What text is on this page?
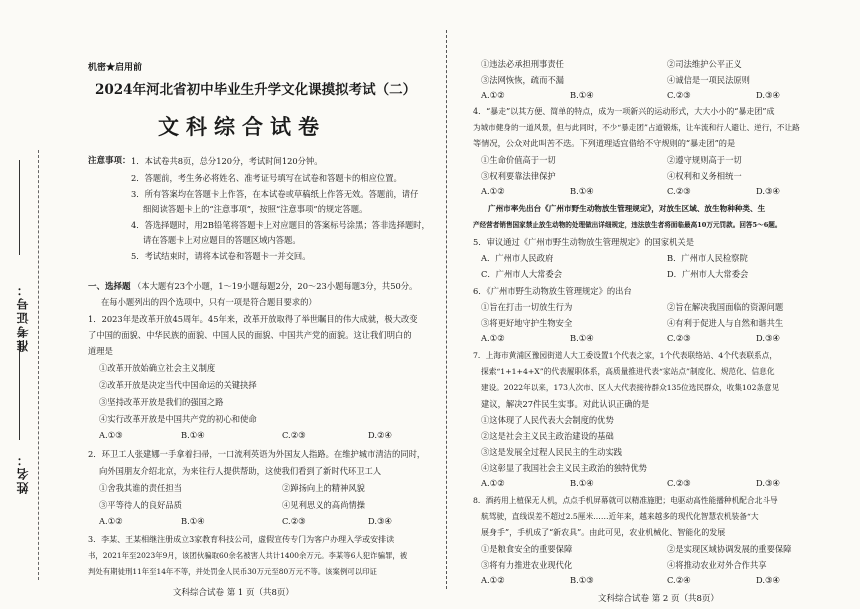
准考证号：
姓名：
机密★启用前
2024年河北省初中毕业生升学文化课摸拟考试（二）
文科综合试卷
注意事项： 1．本试卷共8页，总分120分，考试时间120分钟。
2．答题前，考生务必将姓名、准考证号填写在试卷和答题卡的相应位置。
3．所有答案均在答题卡上作答，在本试卷或草稿纸上作答无效。答题前，请仔
细阅读答题卡上的“注意事项”，按照“注意事项”的规定答题。
4．答选择题时，用2B铅笔将答题卡上对应题目的答案标号涂黑；答非选择题时，
请在答题卡上对应题目的答题区域内答题。
5．考试结束时，请将本试卷和答题卡一并交回。
一、选择题 （本大题有23个小题，1～19小题每题2分，20～23小题每题3分，共50分。
在每小题列出的四个选项中，只有一项是符合题目要求的）
1．2023年是改革开放45周年。45年来，改革开放取得了举世瞩目的伟大成就，极大改变
了中国的面貌、中华民族的面貌、中国人民的面貌、中国共产党的面貌。这让我们明白的
道理是
①改革开放始确立社会主义制度
②改革开放是决定当代中国命运的关键抉择
③坚持改革开放是我们的强国之路
④实行改革开放是中国共产党的初心和使命
A.①③	B.①④	C.②③	D.②④
2．环卫工人张建娜一手拿着扫帚，一口流利英语为外国友人指路。在维护城市清洁的同时，
向外国朋友介绍北京，为来往行人提供帮助，这使我们看到了新时代环卫工人
①舍我其谁的责任担当	②踔扬向上的精神风貌
③平等待人的良好品质	④见利思义的高尚情操
A.①②	B.①④	C.②③	D.③④
3．李某、王某相继注册成立3家教育科技公司，虚假宣传专门为客户办理入学或安排读
书，2021年至2023年9月，该团伙骗取60余名被害人共计1400余万元。李某等6人犯诈骗罪，被
判处有期徒刑11年至14年不等，并处罚金人民币30万元至80万元不等。该案例可以印证
文科综合试卷 第 1 页（共8页）
①违法必承担刑事责任	②司法维护公平正义
③法网恢恢，疏而不漏	④诚信是一项民法原则
A.①②	B.①④	C.②③	D.③④
4．“暴走”以其方便、简单的特点，成为一项新兴的运动形式，大大小小的“暴走团”成
为城市健身的一道风景，但与此同时，不少“暴走团”占道锻炼，让车流和行人避让、逆行，不让路
等情况，公众对此叫苦不迭。下列道理适宜借给不守规则的“暴走团”的是
①生命价值高于一切	②遵守规则高于一切
③权利要靠法律保护	④权利和义务相统一
A.①②	B.①④	C.②③	D.③④
广州市率先出台《广州市野生动物放生管理规定》，对放生区域、放生物种种类、生
产经营者销售国家禁止放生动物的处理做出详细规定，违法放生者将面临最高10万元罚款。回答5～6题。
5．审议通过《广州市野生动物放生管理规定》的国家机关是
A．广州市人民政府	B．广州市人民检察院
C．广州市人大常委会	D．广州市人大常委会
6．《广州市野生动物放生管理规定》的出台
①旨在打击一切放生行为	②旨在解决我国面临的资源问题
③将更好地守护生物安全	④有利于促进人与自然和谐共生
A.①②	B.①④	C.②③	D.③④
7．上海市黄浦区豫园街道人大工委设置1个代表之家，1个代表联络站、4个代表联系点，
探索“1+1+4+X”的代表履职体系，高质量推进代表“家站点”制度化、规范化、信息化
建设。2022年以来，173人次市、区人大代表接待群众135位选民群众，收集102条意见
建议，解决27件民生实事。对此认识正确的是
①这体现了人民代表大会制度的优势
②这是社会主义民主政治建设的基础
③这是发展全过程人民民主的生动实践
④这彰显了我国社会主义民主政治的独特优势
A.①②	B.①④	C.②③	D.③④
8．酒药用上植保无人机，点点手机屏幕就可以精准施肥；电驱动高性能播种机配合北斗导
航驾驶，直线误差不超过2.5厘米……近年来，越来越多的现代化智慧农机装备“大
展身手”，手机成了“新农具”。由此可见，农业机械化、智能化的发展
①是粮食安全的重要保障	②是实现区域协调发展的重要保障
③将有力推进农业现代化	④将推动农业对外合作共享
A.①②	B.①③	C.②④	D.③④
文科综合试卷 第 2 页（共8页）
